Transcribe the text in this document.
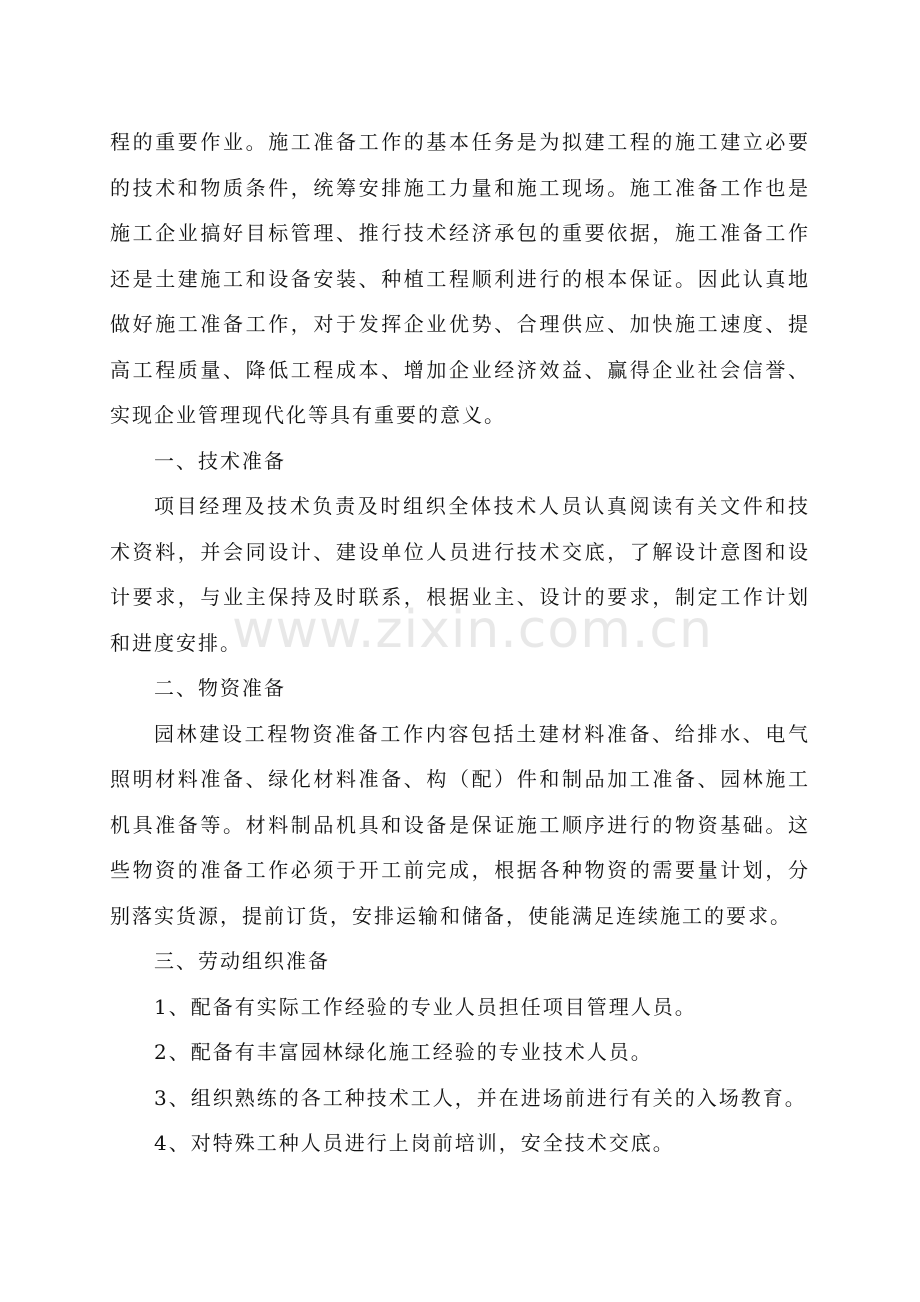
程的重要作业。施工准备工作的基本任务是为拟建工程的施工建立必要的技术和物质条件，统筹安排施工力量和施工现场。施工准备工作也是施工企业搞好目标管理、推行技术经济承包的重要依据，施工准备工作还是土建施工和设备安装、种植工程顺利进行的根本保证。因此认真地做好施工准备工作，对于发挥企业优势、合理供应、加快施工速度、提高工程质量、降低工程成本、增加企业经济效益、赢得企业社会信誉、实现企业管理现代化等具有重要的意义。

一、技术准备

项目经理及技术负责及时组织全体技术人员认真阅读有关文件和技术资料，并会同设计、建设单位人员进行技术交底，了解设计意图和设计要求，与业主保持及时联系，根据业主、设计的要求，制定工作计划和进度安排。

二、物资准备

园林建设工程物资准备工作内容包括土建材料准备、给排水、电气照明材料准备、绿化材料准备、构（配）件和制品加工准备、园林施工机具准备等。材料制品机具和设备是保证施工顺序进行的物资基础。这些物资的准备工作必须于开工前完成，根据各种物资的需要量计划，分别落实货源，提前订货，安排运输和储备，使能满足连续施工的要求。

三、劳动组织准备

1、配备有实际工作经验的专业人员担任项目管理人员。

2、配备有丰富园林绿化施工经验的专业技术人员。

3、组织熟练的各工种技术工人，并在进场前进行有关的入场教育。

4、对特殊工种人员进行上岗前培训，安全技术交底。

www.zixin.com.cn
